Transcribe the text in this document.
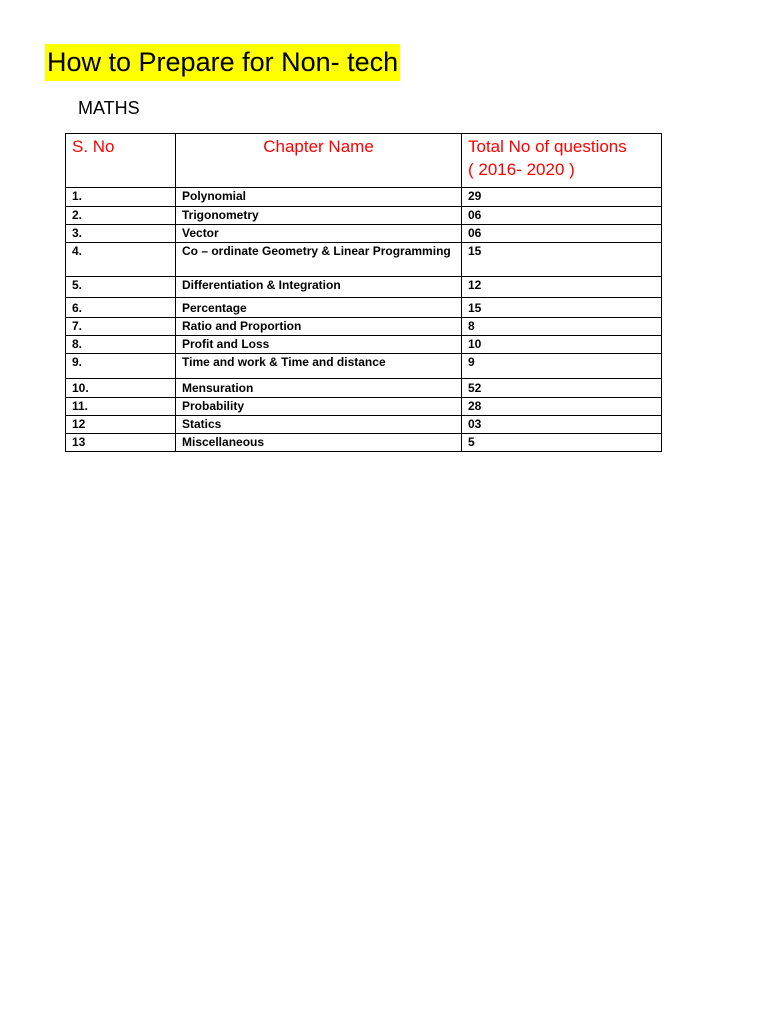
How to Prepare for Non- tech
MATHS
S. No	Chapter Name	Total No of questions
( 2016- 2020 )

1.	Polynomial	29
2.	Trigonometry	06
3.	Vector	06
4.	Co – ordinate Geometry & Linear Programming	15
5.	Differentiation & Integration	12
6.	Percentage	15
7.	Ratio and Proportion	8
8.	Profit and Loss	10
9.	Time and work & Time and distance	9
10.	Mensuration	52
11.	Probability	28
12	Statics	03
13	Miscellaneous	5
